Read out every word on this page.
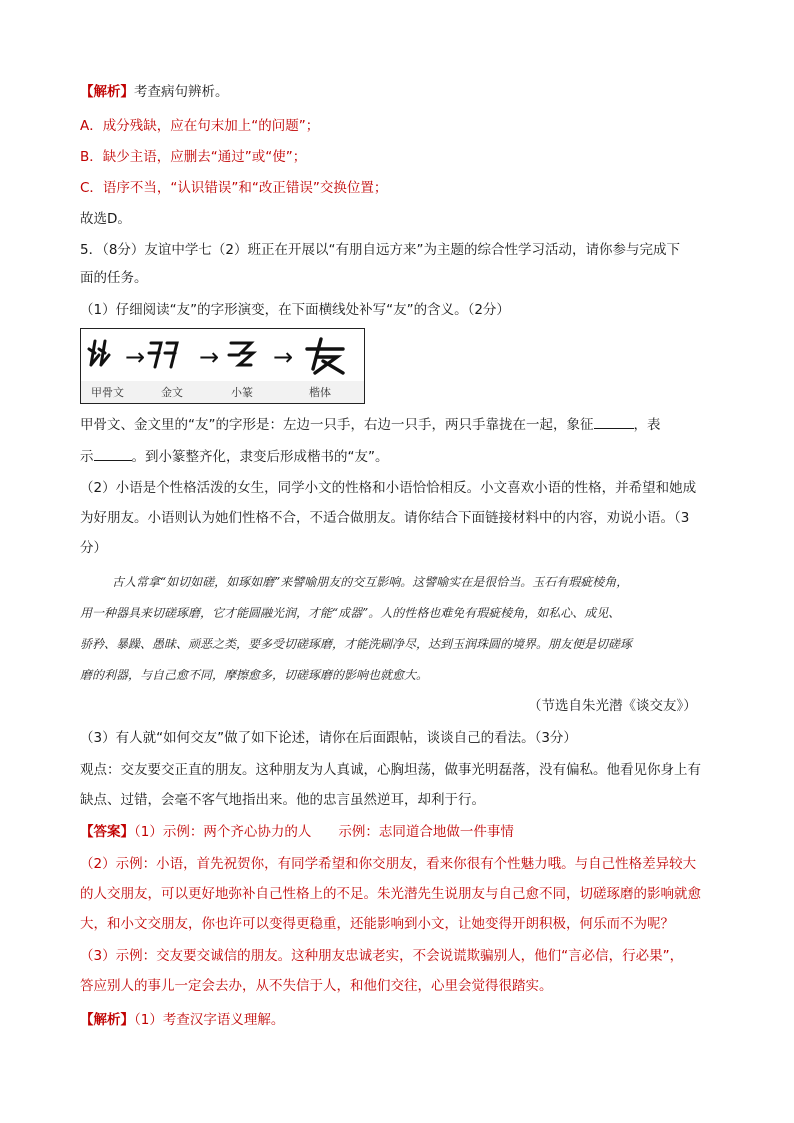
【解析】考查病句辨析。
A．成分残缺，应在句末加上“的问题”；
B．缺少主语，应删去“通过”或“使”；
C．语序不当，“认识错误”和“改正错误”交换位置；
故选D。
5．（8分）友谊中学七（2）班正在开展以“有朋自远方来”为主题的综合性学习活动，请你参与完成下
面的任务。
（1）仔细阅读“友”的字形演变，在下面横线处补写“友”的含义。（2分）
→ → →
甲骨文	金文	小篆	楷体
甲骨文、金文里的“友”的字形是：左边一只手，右边一只手，两只手靠拢在一起，象征	，表
示	。到小篆整齐化，隶变后形成楷书的“友”。
（2）小语是个性格活泼的女生，同学小文的性格和小语恰恰相反。小文喜欢小语的性格，并希望和她成
为好朋友。小语则认为她们性格不合，不适合做朋友。请你结合下面链接材料中的内容，劝说小语。（3
分）
古人常拿“如切如磋，如琢如磨”来譬喻朋友的交互影响。这譬喻实在是很恰当。玉石有瑕疵棱角，
用一种器具来切磋琢磨，它才能圆融光润，才能“成器”。人的性格也难免有瑕疵棱角，如私心、成见、
骄矜、暴躁、愚昧、顽恶之类，要多受切磋琢磨，才能洗刷净尽，达到玉润珠圆的境界。朋友便是切磋琢
磨的利器，与自己愈不同，摩擦愈多，切磋琢磨的影响也就愈大。
（节选自朱光潜《谈交友》）
（3）有人就“如何交友”做了如下论述，请你在后面跟帖，谈谈自己的看法。（3分）
观点：交友要交正直的朋友。这种朋友为人真诚，心胸坦荡，做事光明磊落，没有偏私。他看见你身上有
缺点、过错，会毫不客气地指出来。他的忠言虽然逆耳，却利于行。
【答案】（1）示例：两个齐心协力的人　　示例：志同道合地做一件事情
（2）示例：小语，首先祝贺你，有同学希望和你交朋友，看来你很有个性魅力哦。与自己性格差异较大
的人交朋友，可以更好地弥补自己性格上的不足。朱光潜先生说朋友与自己愈不同，切磋琢磨的影响就愈
大，和小文交朋友，你也许可以变得更稳重，还能影响到小文，让她变得开朗积极，何乐而不为呢？
（3）示例：交友要交诚信的朋友。这种朋友忠诚老实，不会说谎欺骗别人，他们“言必信，行必果”，
答应别人的事儿一定会去办，从不失信于人，和他们交往，心里会觉得很踏实。
【解析】（1）考查汉字语义理解。
